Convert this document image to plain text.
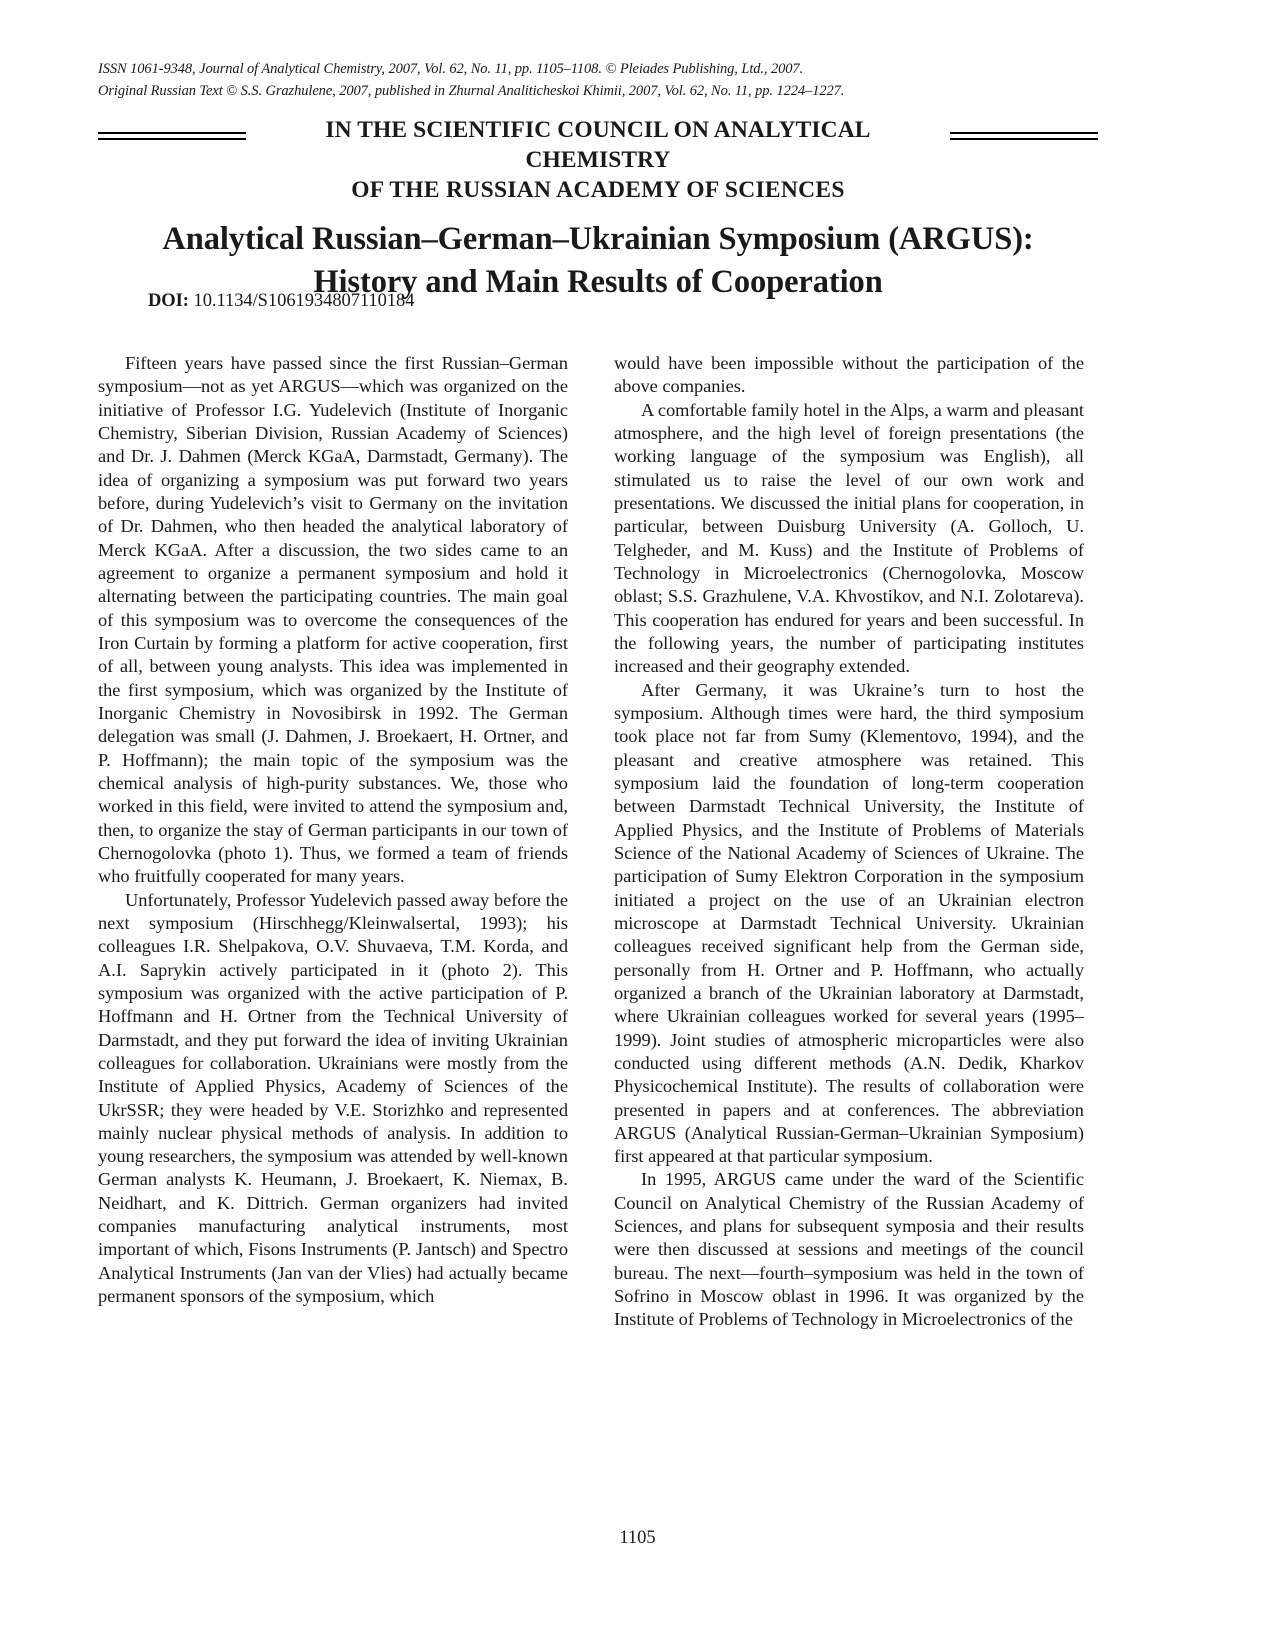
ISSN 1061-9348, Journal of Analytical Chemistry, 2007, Vol. 62, No. 11, pp. 1105–1108. © Pleiades Publishing, Ltd., 2007.
Original Russian Text © S.S. Grazhulene, 2007, published in Zhurnal Analiticheskoi Khimii, 2007, Vol. 62, No. 11, pp. 1224–1227.
IN THE SCIENTIFIC COUNCIL ON ANALYTICAL CHEMISTRY
OF THE RUSSIAN ACADEMY OF SCIENCES
Analytical Russian–German–Ukrainian Symposium (ARGUS):
History and Main Results of Cooperation
DOI: 10.1134/S1061934807110184

Fifteen years have passed since the first Russian–German symposium—not as yet ARGUS—which was organized on the initiative of Professor I.G. Yudelevich (Institute of Inorganic Chemistry, Siberian Division, Russian Academy of Sciences) and Dr. J. Dahmen (Merck KGaA, Darmstadt, Germany). The idea of organizing a symposium was put forward two years before, during Yudelevich’s visit to Germany on the invitation of Dr. Dahmen, who then headed the analytical laboratory of Merck KGaA. After a discussion, the two sides came to an agreement to organize a permanent symposium and hold it alternating between the participating countries. The main goal of this symposium was to overcome the consequences of the Iron Curtain by forming a platform for active cooperation, first of all, between young analysts. This idea was implemented in the first symposium, which was organized by the Institute of Inorganic Chemistry in Novosibirsk in 1992. The German delegation was small (J. Dahmen, J. Broekaert, H. Ortner, and P. Hoffmann); the main topic of the symposium was the chemical analysis of high-purity substances. We, those who worked in this field, were invited to attend the symposium and, then, to organize the stay of German participants in our town of Chernogolovka (photo 1). Thus, we formed a team of friends who fruitfully cooperated for many years.

Unfortunately, Professor Yudelevich passed away before the next symposium (Hirschhegg/Kleinwalsertal, 1993); his colleagues I.R. Shelpakova, O.V. Shuvaeva, T.M. Korda, and A.I. Saprykin actively participated in it (photo 2). This symposium was organized with the active participation of P. Hoffmann and H. Ortner from the Technical University of Darmstadt, and they put forward the idea of inviting Ukrainian colleagues for collaboration. Ukrainians were mostly from the Institute of Applied Physics, Academy of Sciences of the UkrSSR; they were headed by V.E. Storizhko and represented mainly nuclear physical methods of analysis. In addition to young researchers, the symposium was attended by well-known German analysts K. Heumann, J. Broekaert, K. Niemax, B. Neidhart, and K. Dittrich. German organizers had invited companies manufacturing analytical instruments, most important of which, Fisons Instruments (P. Jantsch) and Spectro Analytical Instruments (Jan van der Vlies) had actually became permanent sponsors of the symposium, which

would have been impossible without the participation of the above companies.

A comfortable family hotel in the Alps, a warm and pleasant atmosphere, and the high level of foreign presentations (the working language of the symposium was English), all stimulated us to raise the level of our own work and presentations. We discussed the initial plans for cooperation, in particular, between Duisburg University (A. Golloch, U. Telgheder, and M. Kuss) and the Institute of Problems of Technology in Microelectronics (Chernogolovka, Moscow oblast; S.S. Grazhulene, V.A. Khvostikov, and N.I. Zolotareva). This cooperation has endured for years and been successful. In the following years, the number of participating institutes increased and their geography extended.

After Germany, it was Ukraine’s turn to host the symposium. Although times were hard, the third symposium took place not far from Sumy (Klementovo, 1994), and the pleasant and creative atmosphere was retained. This symposium laid the foundation of long-term cooperation between Darmstadt Technical University, the Institute of Applied Physics, and the Institute of Problems of Materials Science of the National Academy of Sciences of Ukraine. The participation of Sumy Elektron Corporation in the symposium initiated a project on the use of an Ukrainian electron microscope at Darmstadt Technical University. Ukrainian colleagues received significant help from the German side, personally from H. Ortner and P. Hoffmann, who actually organized a branch of the Ukrainian laboratory at Darmstadt, where Ukrainian colleagues worked for several years (1995–1999). Joint studies of atmospheric microparticles were also conducted using different methods (A.N. Dedik, Kharkov Physicochemical Institute). The results of collaboration were presented in papers and at conferences. The abbreviation ARGUS (Analytical Russian-German–Ukrainian Symposium) first appeared at that particular symposium.

In 1995, ARGUS came under the ward of the Scientific Council on Analytical Chemistry of the Russian Academy of Sciences, and plans for subsequent symposia and their results were then discussed at sessions and meetings of the council bureau. The next—fourth–symposium was held in the town of Sofrino in Moscow oblast in 1996. It was organized by the Institute of Problems of Technology in Microelectronics of the

1105
